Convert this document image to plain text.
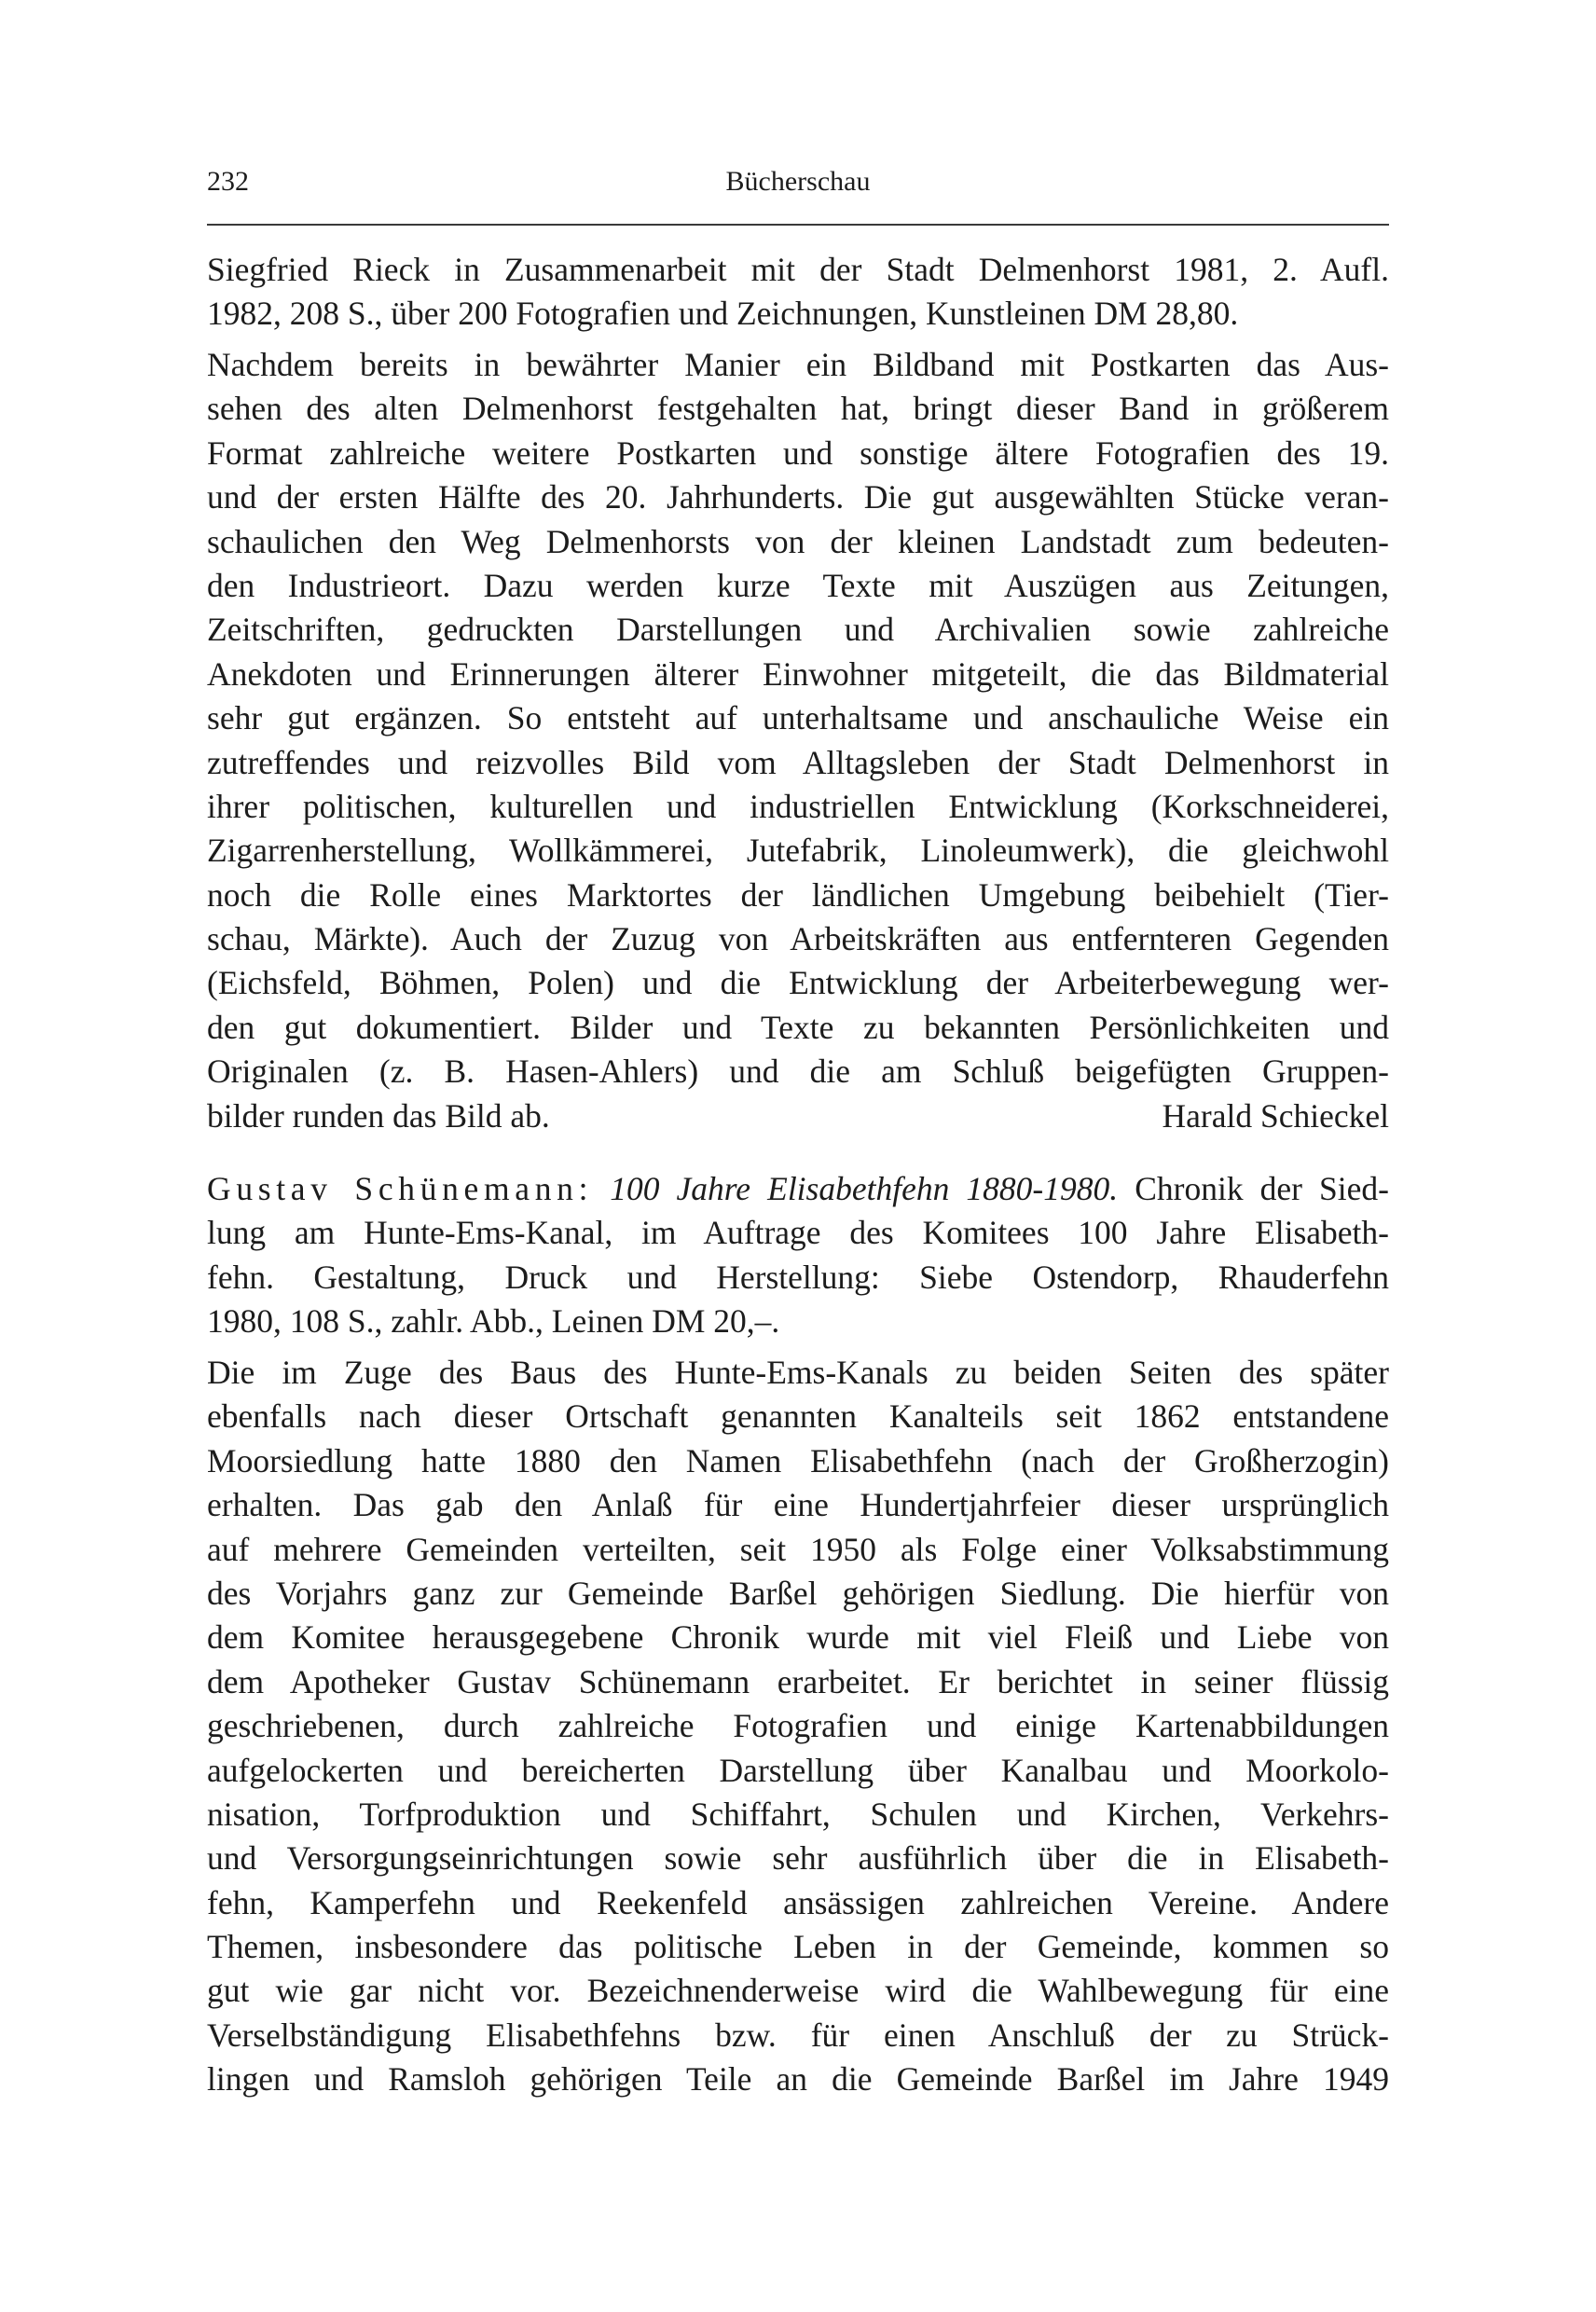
232	Bücherschau
Siegfried Rieck in Zusammenarbeit mit der Stadt Delmenhorst 1981, 2. Aufl.
1982, 208 S., über 200 Fotografien und Zeichnungen, Kunstleinen DM 28,80.
Nachdem bereits in bewährter Manier ein Bildband mit Postkarten das Aus-
sehen des alten Delmenhorst festgehalten hat, bringt dieser Band in größerem
Format zahlreiche weitere Postkarten und sonstige ältere Fotografien des 19.
und der ersten Hälfte des 20. Jahrhunderts. Die gut ausgewählten Stücke veran-
schaulichen den Weg Delmenhorsts von der kleinen Landstadt zum bedeuten-
den Industrieort. Dazu werden kurze Texte mit Auszügen aus Zeitungen,
Zeitschriften, gedruckten Darstellungen und Archivalien sowie zahlreiche
Anekdoten und Erinnerungen älterer Einwohner mitgeteilt, die das Bildmaterial
sehr gut ergänzen. So entsteht auf unterhaltsame und anschauliche Weise ein
zutreffendes und reizvolles Bild vom Alltagsleben der Stadt Delmenhorst in
ihrer politischen, kulturellen und industriellen Entwicklung (Korkschneiderei,
Zigarrenherstellung, Wollkämmerei, Jutefabrik, Linoleumwerk), die gleichwohl
noch die Rolle eines Marktortes der ländlichen Umgebung beibehielt (Tier-
schau, Märkte). Auch der Zuzug von Arbeitskräften aus entfernteren Gegenden
(Eichsfeld, Böhmen, Polen) und die Entwicklung der Arbeiterbewegung wer-
den gut dokumentiert. Bilder und Texte zu bekannten Persönlichkeiten und
Originalen (z. B. Hasen-Ahlers) und die am Schluß beigefügten Gruppen-
bilder runden das Bild ab.	Harald Schieckel
Gustav Schünemann: 100 Jahre Elisabethfehn 1880-1980. Chronik der Sied-
lung am Hunte-Ems-Kanal, im Auftrage des Komitees 100 Jahre Elisabeth-
fehn. Gestaltung, Druck und Herstellung: Siebe Ostendorp, Rhauderfehn
1980, 108 S., zahlr. Abb., Leinen DM 20,–.
Die im Zuge des Baus des Hunte-Ems-Kanals zu beiden Seiten des später
ebenfalls nach dieser Ortschaft genannten Kanalteils seit 1862 entstandene
Moorsiedlung hatte 1880 den Namen Elisabethfehn (nach der Großherzogin)
erhalten. Das gab den Anlaß für eine Hundertjahrfeier dieser ursprünglich
auf mehrere Gemeinden verteilten, seit 1950 als Folge einer Volksabstimmung
des Vorjahrs ganz zur Gemeinde Barßel gehörigen Siedlung. Die hierfür von
dem Komitee herausgegebene Chronik wurde mit viel Fleiß und Liebe von
dem Apotheker Gustav Schünemann erarbeitet. Er berichtet in seiner flüssig
geschriebenen, durch zahlreiche Fotografien und einige Kartenabbildungen
aufgelockerten und bereicherten Darstellung über Kanalbau und Moorkolo-
nisation, Torfproduktion und Schiffahrt, Schulen und Kirchen, Verkehrs-
und Versorgungseinrichtungen sowie sehr ausführlich über die in Elisabeth-
fehn, Kamperfehn und Reekenfeld ansässigen zahlreichen Vereine. Andere
Themen, insbesondere das politische Leben in der Gemeinde, kommen so
gut wie gar nicht vor. Bezeichnenderweise wird die Wahlbewegung für eine
Verselbständigung Elisabethfehns bzw. für einen Anschluß der zu Strück-
lingen und Ramsloh gehörigen Teile an die Gemeinde Barßel im Jahre 1949
